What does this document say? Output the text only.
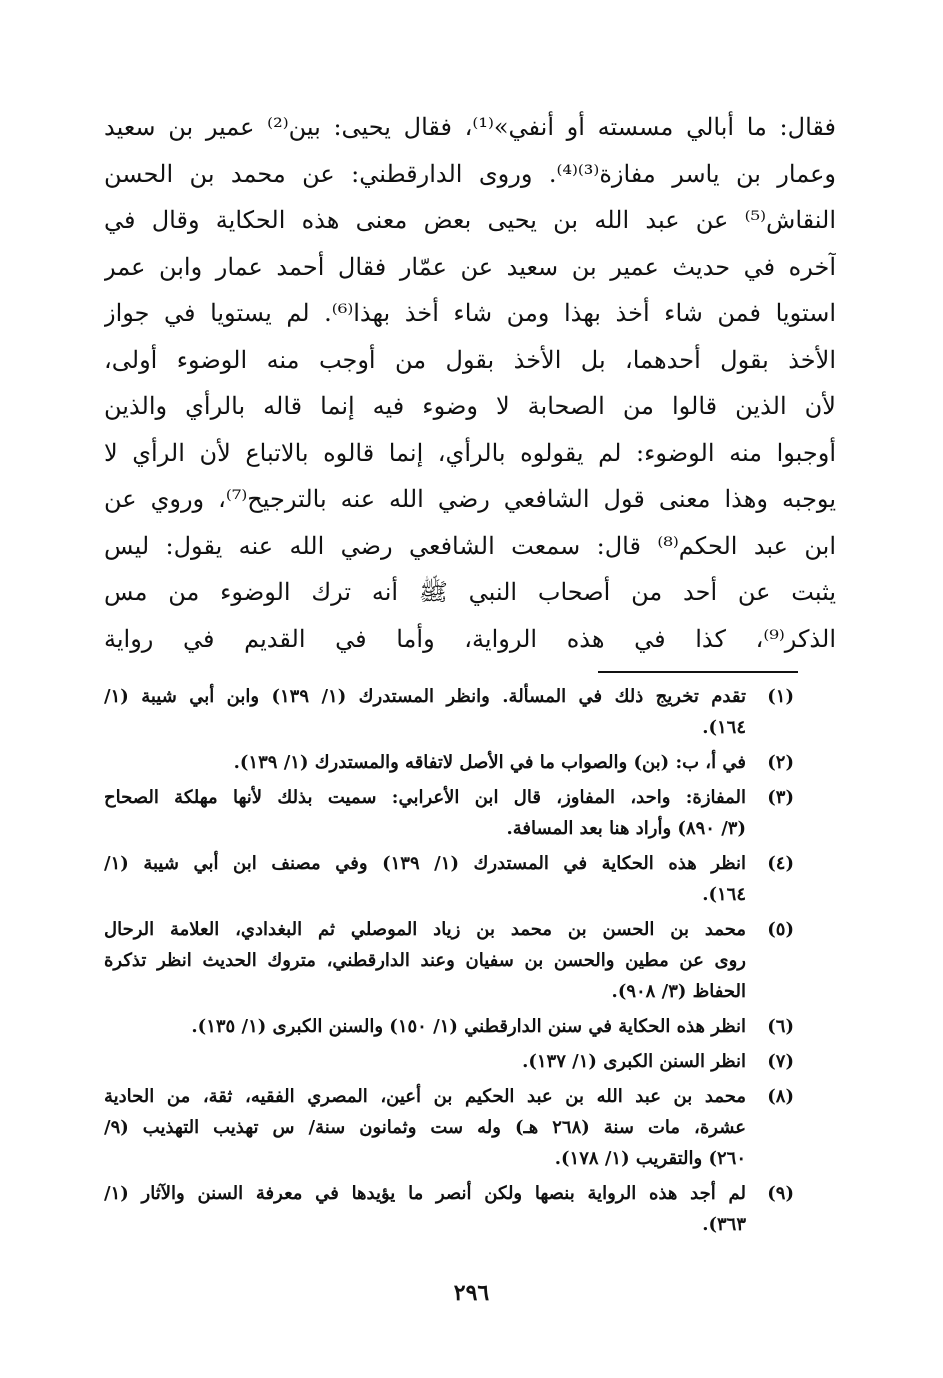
فقال: ما أبالي مسسته أو أنفي»⁽¹⁾، فقال يحيى: بين⁽²⁾ عمير بن سعيد
وعمار بن ياسر مفازة⁽³⁾⁽⁴⁾. وروى الدارقطني: عن محمد بن الحسن
النقاش⁽⁵⁾ عن عبد الله بن يحيى بعض معنى هذه الحكاية وقال في
آخره في حديث عمير بن سعيد عن عمّار فقال أحمد عمار وابن عمر
استويا فمن شاء أخذ بهذا ومن شاء أخذ بهذا⁽⁶⁾. لم يستويا في جواز
الأخذ بقول أحدهما، بل الأخذ بقول من أوجب منه الوضوء أولى،
لأن الذين قالوا من الصحابة لا وضوء فيه إنما قاله بالرأي والذين
أوجبوا منه الوضوء: لم يقولوه بالرأي، إنما قالوه بالاتباع لأن الرأي لا
يوجبه وهذا معنى قول الشافعي رضي الله عنه بالترجيح⁽⁷⁾، وروي عن
ابن عبد الحكم⁽⁸⁾ قال: سمعت الشافعي رضي الله عنه يقول: ليس
يثبت عن أحد من أصحاب النبي ﷺ أنه ترك الوضوء من مس
الذكر⁽⁹⁾، كذا في هذه الرواية، وأما في القديم في رواية
(١)
تقدم تخريج ذلك في المسألة. وانظر المستدرك (١/ ١٣٩) وابن أبي شيبة (١/
١٦٤).
(٢)
في أ، ب: (بن) والصواب ما في الأصل لاتفاقه والمستدرك (١/ ١٣٩).
(٣)
المفازة: واحد، المفاوز، قال ابن الأعرابي: سميت بذلك لأنها مهلكة الصحاح
(٣/ ٨٩٠) وأراد هنا بعد المسافة.
(٤)
انظر هذه الحكاية في المستدرك (١/ ١٣٩) وفي مصنف ابن أبي شيبة (١/
١٦٤).
(٥)
محمد بن الحسن بن محمد بن زياد الموصلي ثم البغدادي، العلامة الرحال
روى عن مطين والحسن بن سفيان وعند الدارقطني، متروك الحديث انظر تذكرة
الحفاظ (٣/ ٩٠٨).
(٦)
انظر هذه الحكاية في سنن الدارقطني (١/ ١٥٠) والسنن الكبرى (١/ ١٣٥).
(٧)
انظر السنن الكبرى (١/ ١٣٧).
(٨)
محمد بن عبد الله بن عبد الحكيم بن أعين، المصري الفقيه، ثقة، من الحادية
عشرة، مات سنة (٢٦٨ هـ) وله ست وثمانون سنة/ س تهذيب التهذيب (٩/
٢٦٠) والتقريب (١/ ١٧٨).
(٩)
لم أجد هذه الرواية بنصها ولكن أنصر ما يؤيدها في معرفة السنن والآثار (١/
٣٦٣).
٢٩٦
